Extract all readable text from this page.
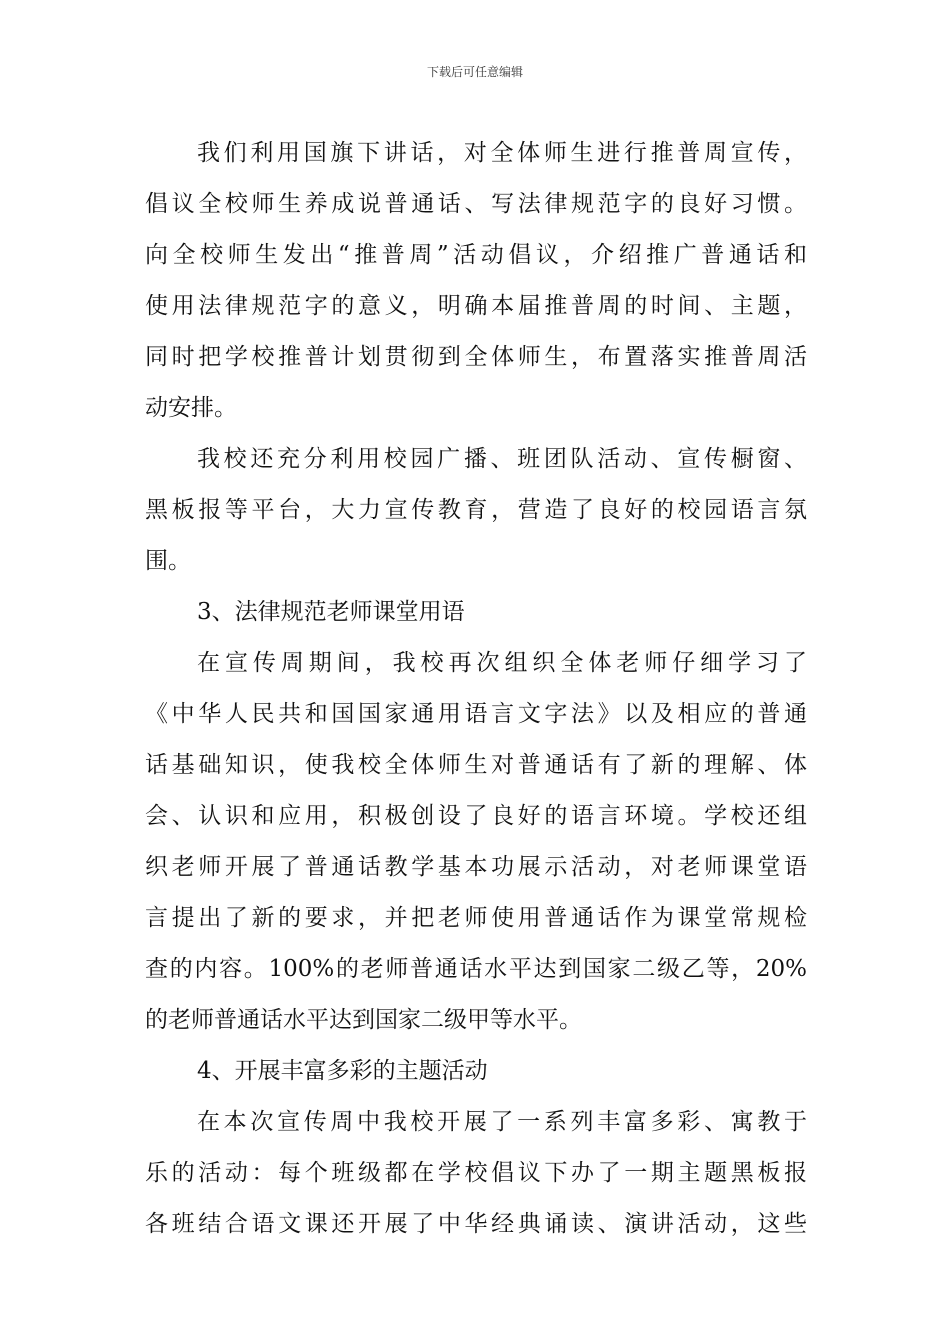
下载后可任意编辑
我们利用国旗下讲话，对全体师生进行推普周宣传，
倡议全校师生养成说普通话、写法律规范字的良好习惯。
向全校师生发出“推普周”活动倡议，介绍推广普通话和
使用法律规范字的意义，明确本届推普周的时间、主题，
同时把学校推普计划贯彻到全体师生，布置落实推普周活
动安排。
我校还充分利用校园广播、班团队活动、宣传橱窗、
黑板报等平台，大力宣传教育，营造了良好的校园语言氛
围。
3、法律规范老师课堂用语
在宣传周期间，我校再次组织全体老师仔细学习了
《中华人民共和国国家通用语言文字法》以及相应的普通
话基础知识，使我校全体师生对普通话有了新的理解、体
会、认识和应用，积极创设了良好的语言环境。学校还组
织老师开展了普通话教学基本功展示活动，对老师课堂语
言提出了新的要求，并把老师使用普通话作为课堂常规检
查的内容。100%的老师普通话水平达到国家二级乙等，20%
的老师普通话水平达到国家二级甲等水平。
4、开展丰富多彩的主题活动
在本次宣传周中我校开展了一系列丰富多彩、寓教于
乐的活动：每个班级都在学校倡议下办了一期主题黑板报
各班结合语文课还开展了中华经典诵读、演讲活动，这些
